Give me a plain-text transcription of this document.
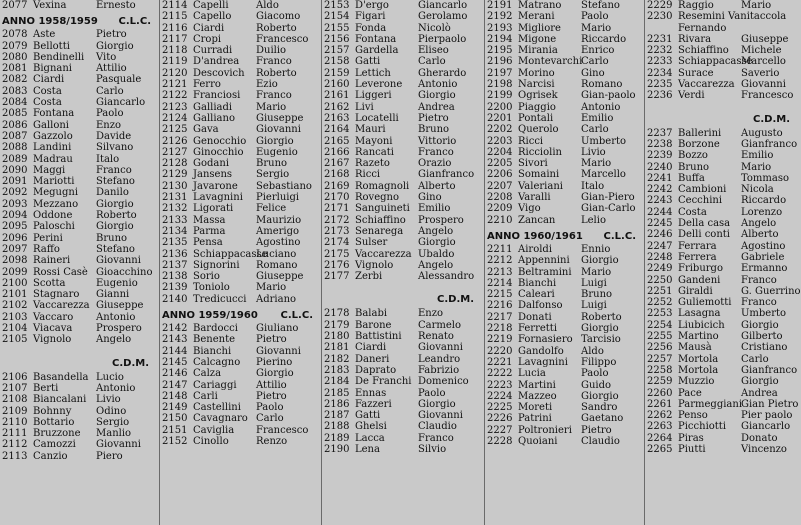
2077 Vexina	Ernesto
ANNO 1958/1959 C.L.C.
2078 Aste	Pietro
2079 Bellotti	Giorgio
2080 Bendinelli	Vito
2081 Bignani	Attilio
2082 Ciardi	Pasquale
2083 Costa	Carlo
2084 Costa	Giancarlo
2085 Fontana	Paolo
2086 Galloni	Enzo
2087 Gazzolo	Davide
2088 Landini	Silvano
2089 Madrau	Italo
2090 Maggi	Franco
2091 Mariotti	Stefano
2092 Megugni	Danilo
2093 Mezzano	Giorgio
2094 Oddone	Roberto
2095 Paloschi	Giorgio
2096 Perini	Bruno
2097 Raffo	Stefano
2098 Raineri	Giovanni
2099 Rossi Casè Gioacchino
2100 Scotta	Eugenio
2101 Stagnaro	Gianni
2102 Vaccarezza Giuseppe
2103 Vaccaro	Antonio
2104 Viacava	Prospero
2105 Vignolo	Angelo
C.D.M.
2106 Basandella Lucio
2107 Berti	Antonio
2108 Biancalani Livio
2109 Bohnny	Odino
2110 Bottario	Sergio
2111 Bruzzone	Manlio
2112 Camozzi	Giovanni
2113 Canzio	Piero
2114 Capelli	Aldo
2115 Capello	Giacomo
2116 Ciardi	Roberto
2117 Cropi	Francesco
2118 Curradi	Duilio
2119 D'andrea	Franco
2120 Descovich	Roberto
2121 Ferro	Ezio
2122 Franciosi	Franco
2123 Galliadi	Mario
2124 Galliano	Giuseppe
2125 Gava	Giovanni
2126 Genocchio Giorgio
2127 Ginocchio	Eugenio
2128 Godani	Bruno
2129 Jansens	Sergio
2130 Javarone	Sebastiano
2131 Lavagnini	Pierluigi
2132 Ligorati	Felice
2133 Massa	Maurizio
2134 Parma	Amerigo
2135 Pensa	Agostino
2136 Schiappacasse
Luciano
2137 Signorini	Romano
2138 Sorio	Giuseppe
2139 Toniolo	Mario
2140 Tredicucci Adriano
ANNO 1959/1960 C.L.C.
2142 Bardocci	Giuliano
2143 Benente	Pietro
2144 Bianchi	Giovanni
2145 Calcagno	Pierino
2146 Calza	Giorgio
2147 Cariaggi	Attilio
2148 Carli	Pietro
2149 Castellini	Paolo
2150 Cavagnaro Carlo
2151 Caviglia	Francesco
2152 Cinollo	Renzo
2153 D'ergo	Giancarlo
2154 Figari	Gerolamo
2155 Fonda	Nicolò
2156 Fontana	Pierpaolo
2157 Gardella	Eliseo
2158 Gatti	Carlo
2159 Lettich	Gherardo
2160 Leverone	Antonio
2161 Liggeri	Giorgio
2162 Livi	Andrea
2163 Locatelli	Pietro
2164 Mauri	Bruno
2165 Mayoni	Vittorio
2166 Rancati	Franco
2167 Razeto	Orazio
2168 Ricci	Gianfranco
2169 Romagnoli Alberto
2170 Rovegno	Gino
2171 Sanguineti Emilio
2172 Schiaffino	Prospero
2173 Senarega	Angelo
2174 Sulser	Giorgio
2175 Vaccarezza Ubaldo
2176 Vignolo	Angelo
2177 Zerbi	Alessandro
C.D.M.
2178 Balabi	Enzo
2179 Barone	Carmelo
2180 Battistini	Renato
2181 Ciardi	Giovanni
2182 Daneri	Leandro
2183 Daprato	Fabrizio
2184 De Franchi Domenico
2185 Ennas	Paolo
2186 Fazzeri	Giorgio
2187 Gatti	Giovanni
2188 Ghelsi	Claudio
2189 Lacca	Franco
2190 Lena	Silvio
2191 Matrano	Stefano
2192 Merani	Paolo
2193 Migliore	Mario
2194 Migone	Riccardo
2195 Mirania	Enrico
2196 Montevarchi
Carlo
2197 Morino	Gino
2198 Narcisi	Romano
2199 Ogrisek	Gian-paolo
2200 Piaggio	Antonio
2201 Pontali	Emilio
2202 Querolo	Carlo
2203 Ricci	Umberto
2204 Ricciolin	Livio
2205 Sivori	Mario
2206 Somaini	Marcello
2207 Valeriani	Italo
2208 Varalli	Gian-Piero
2209 Vigo	Gian-Carlo
2210 Zancan	Lelio
ANNO 1960/1961 C.L.C.
2211 Airoldi	Ennio
2212 Appennini	Giorgio
2213 Beltramini Mario
2214 Bianchi	Luigi
2215 Caleari	Bruno
2216 Dalfonso	Luigi
2217 Donati	Roberto
2218 Ferretti	Giorgio
2219 Fornasiero Tarcisio
2220 Gandolfo	Aldo
2221 Lavagnini	Filippo
2222 Lucia	Paolo
2223 Martini	Guido
2224 Mazzeo	Giorgio
2225 Moreti	Sandro
2226 Patrini	Gaetano
2227 Poltronieri Pietro
2228 Quoiani	Claudio
2229 Raggio	Mario
2230 Resemini Vanitaccola Fernando
2231 Rivara	Giuseppe
2232 Schiaffino	Michele
2233 Schiappacasse
Marcello
2234 Surace	Saverio
2235 Vaccarezza Giovanni
2236 Verdi	Francesco
C.D.M.
2237 Ballerini	Augusto
2238 Borzone	Gianfranco
2239 Bozzo	Emilio
2240 Bruno	Mario
2241 Buffa	Tommaso
2242 Cambioni	Nicola
2243 Cecchini	Riccardo
2244 Costa	Lorenzo
2245 Della casa	Angelo
2246 Delli conti	Alberto
2247 Ferrara	Agostino
2248 Ferrera	Gabriele
2249 Friburgo	Ermanno
2250 Gandeni	Franco
2251 Giraldi	G. Guerrino
2252 Guliemotti Franco
2253 Lasagna	Umberto
2254 Liubicich	Giorgio
2255 Martino	Gilberto
2256 Mausà	Cristiano
2257 Mortola	Carlo
2258 Mortola	Gianfranco
2259 Muzzio	Giorgio
2260 Pace	Andrea
2261 Parmeggiani
Gian Pietro
2262 Penso	Pier paolo
2263 Picchiotti	Giancarlo
2264 Piras	Donato
2265 Piutti	Vincenzo
